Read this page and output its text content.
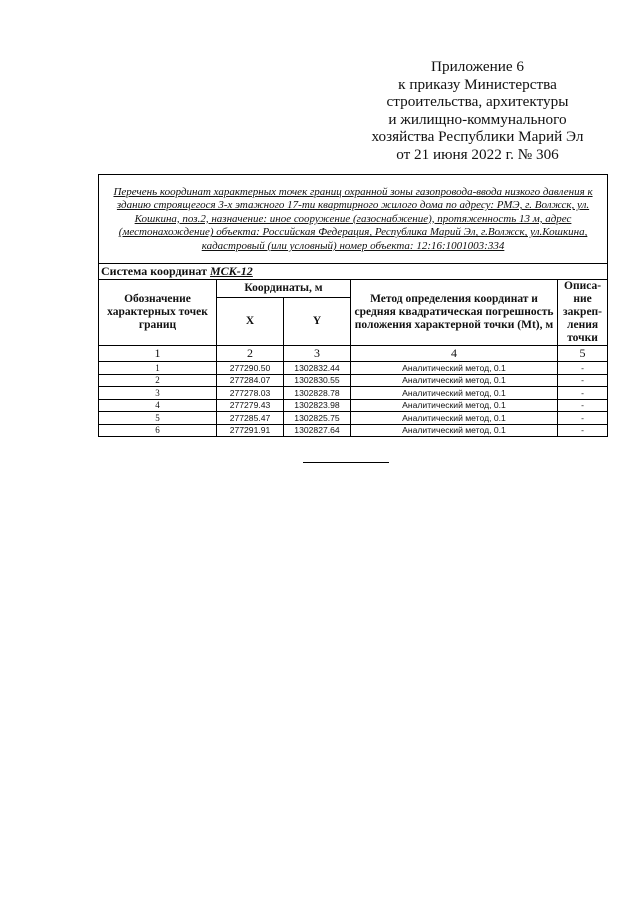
Приложение 6
к приказу Министерства
строительства, архитектуры
и жилищно-коммунального
хозяйства Республики Марий Эл
от 21 июня 2022 г. № 306
Перечень координат характерных точек границ охранной зоны газопровода-ввода низкого давления к зданию строящегося 3-х этажного 17-ти квартирного жилого дома по адресу: РМЭ, г. Волжск, ул. Кошкина, поз.2, назначение: иное сооружение (газоснабжение), протяженность 13 м, адрес (местонахождение) объекта: Российская Федерация, Республика Марий Эл, г.Волжск, ул.Кошкина, кадастровый (или условный) номер объекта: 12:16:1001003:334				
Система координат МСК-12				
Обозначение характерных точек границ	Координаты, м		Метод определения координат и средняя квадратическая погрешность положения характерной точки (Mt), м	Описа-ние закреп-ления точки
	X	Y		
1	2	3	4	5
1	277290.50	1302832.44	Аналитический метод, 0.1	-
2	277284.07	1302830.55	Аналитический метод, 0.1	-
3	277278.03	1302828.78	Аналитический метод, 0.1	-
4	277279.43	1302823.98	Аналитический метод, 0.1	-
5	277285.47	1302825.75	Аналитический метод, 0.1	-
6	277291.91	1302827.64	Аналитический метод, 0.1	-
